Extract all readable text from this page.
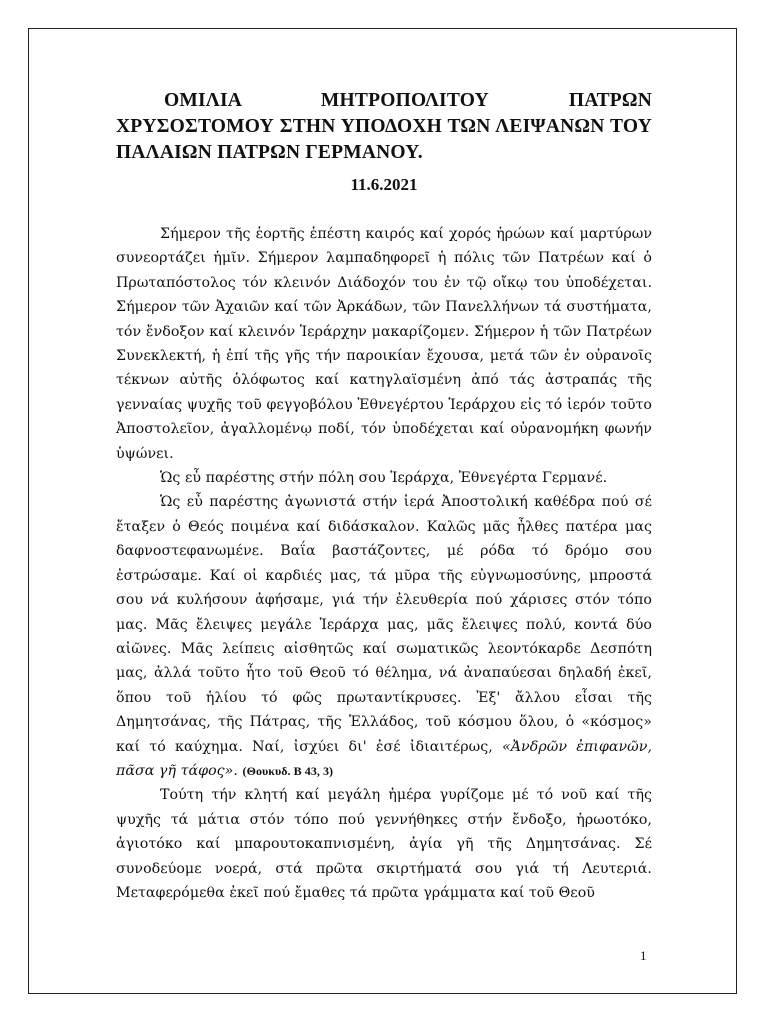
ΟΜΙΛΙΑ ΜΗΤΡΟΠΟΛΙΤΟΥ ΠΑΤΡΩΝ ΧΡΥΣΟΣΤΟΜΟΥ ΣΤΗΝ ΥΠΟΔΟΧΗ ΤΩΝ ΛΕΙΨΑΝΩΝ ΤΟΥ ΠΑΛΑΙΩΝ ΠΑΤΡΩΝ ΓΕΡΜΑΝΟΥ.
11.6.2021

Σήμερον τῆς ἑορτῆς ἐπέστη καιρός καί χορός ἡρώων καί μαρτύρων συνεορτάζει ἡμῖν. Σήμερον λαμπαδηφορεῖ ἡ πόλις τῶν Πατρέων καί ὁ Πρωταπόστολος τόν κλεινόν Διάδοχόν του ἐν τῷ οἴκῳ του ὑποδέχεται. Σήμερον τῶν Ἀχαιῶν καί τῶν Ἀρκάδων, τῶν Πανελλήνων τά συστήματα, τόν ἔνδοξον καί κλεινόν Ἱεράρχην μακαρίζομεν. Σήμερον ἡ τῶν Πατρέων Συνεκλεκτή, ἡ ἐπί τῆς γῆς τήν παροικίαν ἔχουσα, μετά τῶν ἐν οὐρανοῖς τέκνων αὐτῆς ὁλόφωτος καί κατηγλαϊσμένη ἀπό τάς ἀστραπάς τῆς γενναίας ψυχῆς τοῦ φεγγοβόλου Ἐθνεγέρτου Ἱεράρχου εἰς τό ἱερόν τοῦτο Ἀποστολεῖον, ἀγαλλομένῳ ποδί, τόν ὑποδέχεται καί οὐρανομήκη φωνήν ὑψώνει.

Ὡς εὖ παρέστης στήν πόλη σου Ἱεράρχα, Ἐθνεγέρτα Γερμανέ.

Ὡς εὖ παρέστης ἀγωνιστά στήν ἱερά Ἀποστολική καθέδρα πού σέ ἔταξεν ὁ Θεός ποιμένα καί διδάσκαλον. Καλῶς μᾶς ἦλθες πατέρα μας δαφνοστεφανωμένε. Βαΐα βαστάζοντες, μέ ρόδα τό δρόμο σου ἐστρώσαμε. Καί οἱ καρδιές μας, τά μῦρα τῆς εὐγνωμοσύνης, μπροστά σου νά κυλήσουν ἀφήσαμε, γιά τήν ἐλευθερία πού χάρισες στόν τόπο μας. Μᾶς ἔλειψες μεγάλε Ἱεράρχα μας, μᾶς ἔλειψες πολύ, κοντά δύο αἰῶνες. Μᾶς λείπεις αἰσθητῶς καί σωματικῶς λεοντόκαρδε Δεσπότη μας, ἀλλά τοῦτο ἦτο τοῦ Θεοῦ τό θέλημα, νά ἀναπαύεσαι δηλαδή ἐκεῖ, ὅπου τοῦ ἡλίου τό φῶς πρωταντίκρυσες. Ἐξ' ἄλλου εἶσαι τῆς Δημητσάνας, τῆς Πάτρας, τῆς Ἑλλάδος, τοῦ κόσμου ὅλου, ὁ «κόσμος» καί τό καύχημα. Ναί, ἰσχύει δι' ἐσέ ἰδιαιτέρως, «Ἀνδρῶν ἐπιφανῶν, πᾶσα γῆ τάφος». (Θουκυδ. Β 43, 3)

Τούτη τήν κλητή καί μεγάλη ἡμέρα γυρίζομε μέ τό νοῦ καί τῆς ψυχῆς τά μάτια στόν τόπο πού γεννήθηκες στήν ἔνδοξο, ἡρωοτόκο, ἁγιοτόκο καί μπαρουτοκαπνισμένη, ἁγία γῆ τῆς Δημητσάνας. Σέ συνοδεύομε νοερά, στά πρῶτα σκιρτήματά σου γιά τή Λευτεριά. Μεταφερόμεθα ἐκεῖ πού ἔμαθες τά πρῶτα γράμματα καί τοῦ Θεοῦ

1
